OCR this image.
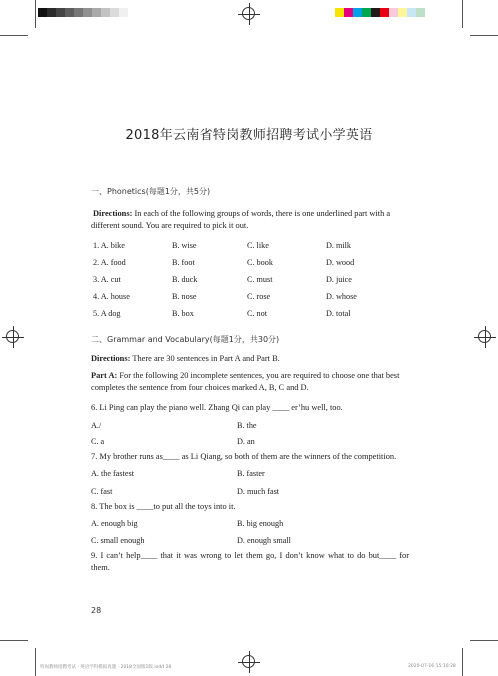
2018年云南省特岗教师招聘考试小学英语
一、Phonetics(每题1分，共5分)
Directions: In each of the following groups of words, there is one underlined part with a different sound. You are required to pick it out.
1. A. bike	B. wise	C. like	D. milk
2. A. food	B. foot	C. book	D. wood
3. A. cut	B. duck	C. must	D. juice
4. A. house	B. nose	C. rose	D. whose
5. A dog	B. box	C. not	D. total
二、Grammar and Vocabulary(每题1分，共30分)
Directions: There are 30 sentences in Part A and Part B.
Part A: For the following 20 incomplete sentences, you are required to choose one that best completes the sentence from four choices marked A, B, C and D.
6. Li Ping can play the piano well. Zhang Qi can play ____ er’hu well, too.
A./	B. the
C. a	D. an
7. My brother runs as____ as Li Qiang, so both of them are the winners of the competition.
A. the fastest	B. faster
C. fast	D. much fast
8. The box is ____to put all the toys into it.
A. enough big	B. big enough
C. small enough	D. enough small
9. I can’t help____ that it was wrong to let them go, I don’t know what to do but____ for them.
28
特岗教师招聘考试 · 英语学科模拟真题 · 2018全国版1版.indd 28	2020-07-16 15:10:28
